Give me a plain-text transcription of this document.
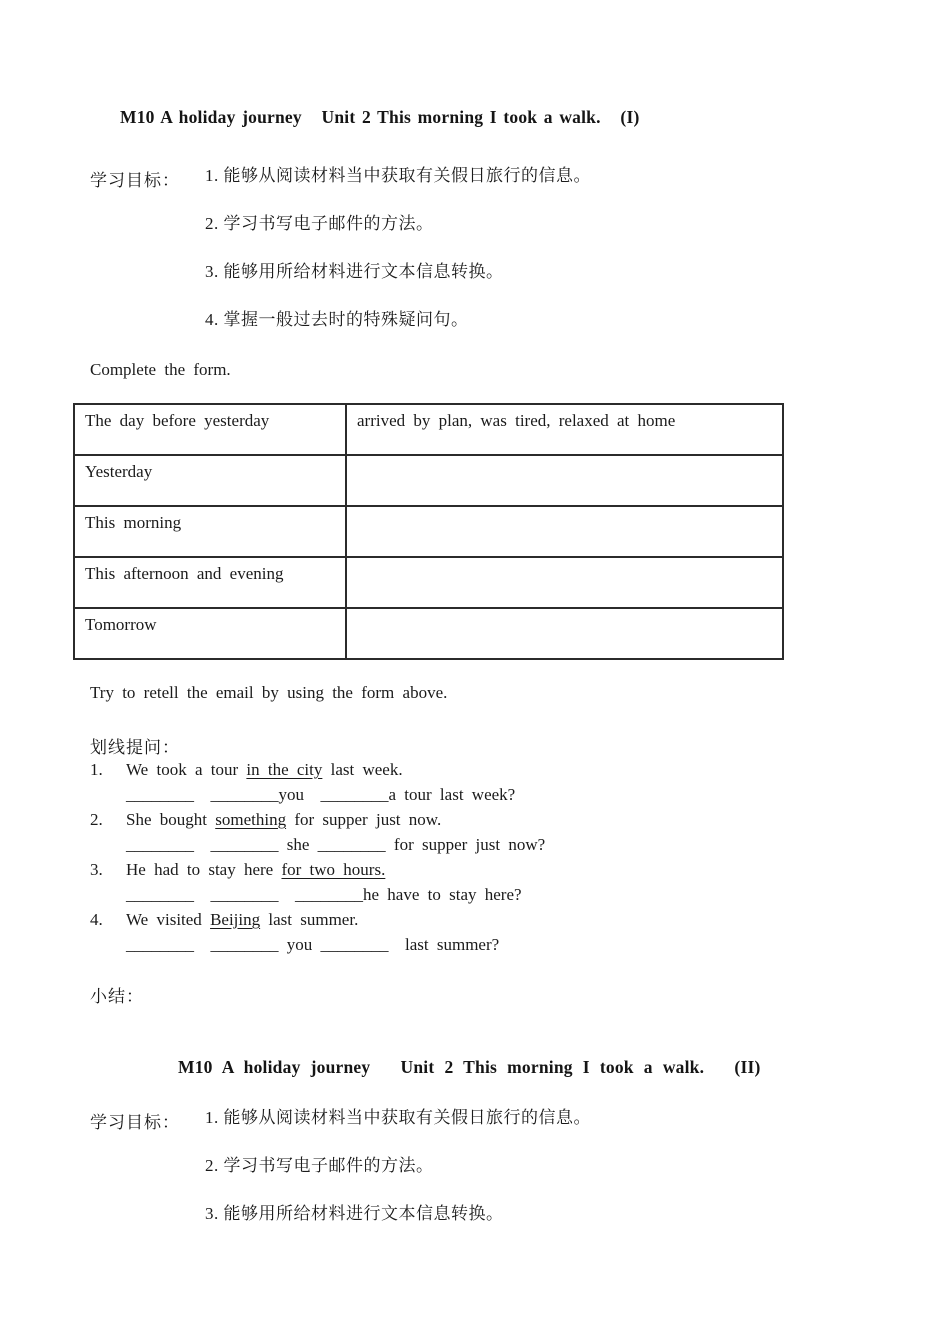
M10 A holiday journey   Unit 2 This morning I took a walk.   (I)
学习目标：	1. 能够从阅读材料当中获取有关假日旅行的信息。
2. 学习书写电子邮件的方法。
3. 能够用所给材料进行文本信息转换。
4. 掌握一般过去时的特殊疑问句。
Complete the form.
The day before yesterday	arrived by plan, was tired, relaxed at home
Yesterday	
This morning	
This afternoon and evening	
Tomorrow	
Try to retell the email by using the form above.
划线提问：
1. We took a tour in the city last week.
________  ________you  ________a tour last week?
2. She bought something for supper just now.
________  ________ she ________ for supper just now?
3. He had to stay here for two hours.
________  ________  ________he have to stay here?
4. We visited Beijing last summer.
________  ________ you ________  last summer?
小结：
M10 A holiday journey   Unit 2 This morning I took a walk.   (II)
学习目标：	1. 能够从阅读材料当中获取有关假日旅行的信息。
2. 学习书写电子邮件的方法。
3. 能够用所给材料进行文本信息转换。
